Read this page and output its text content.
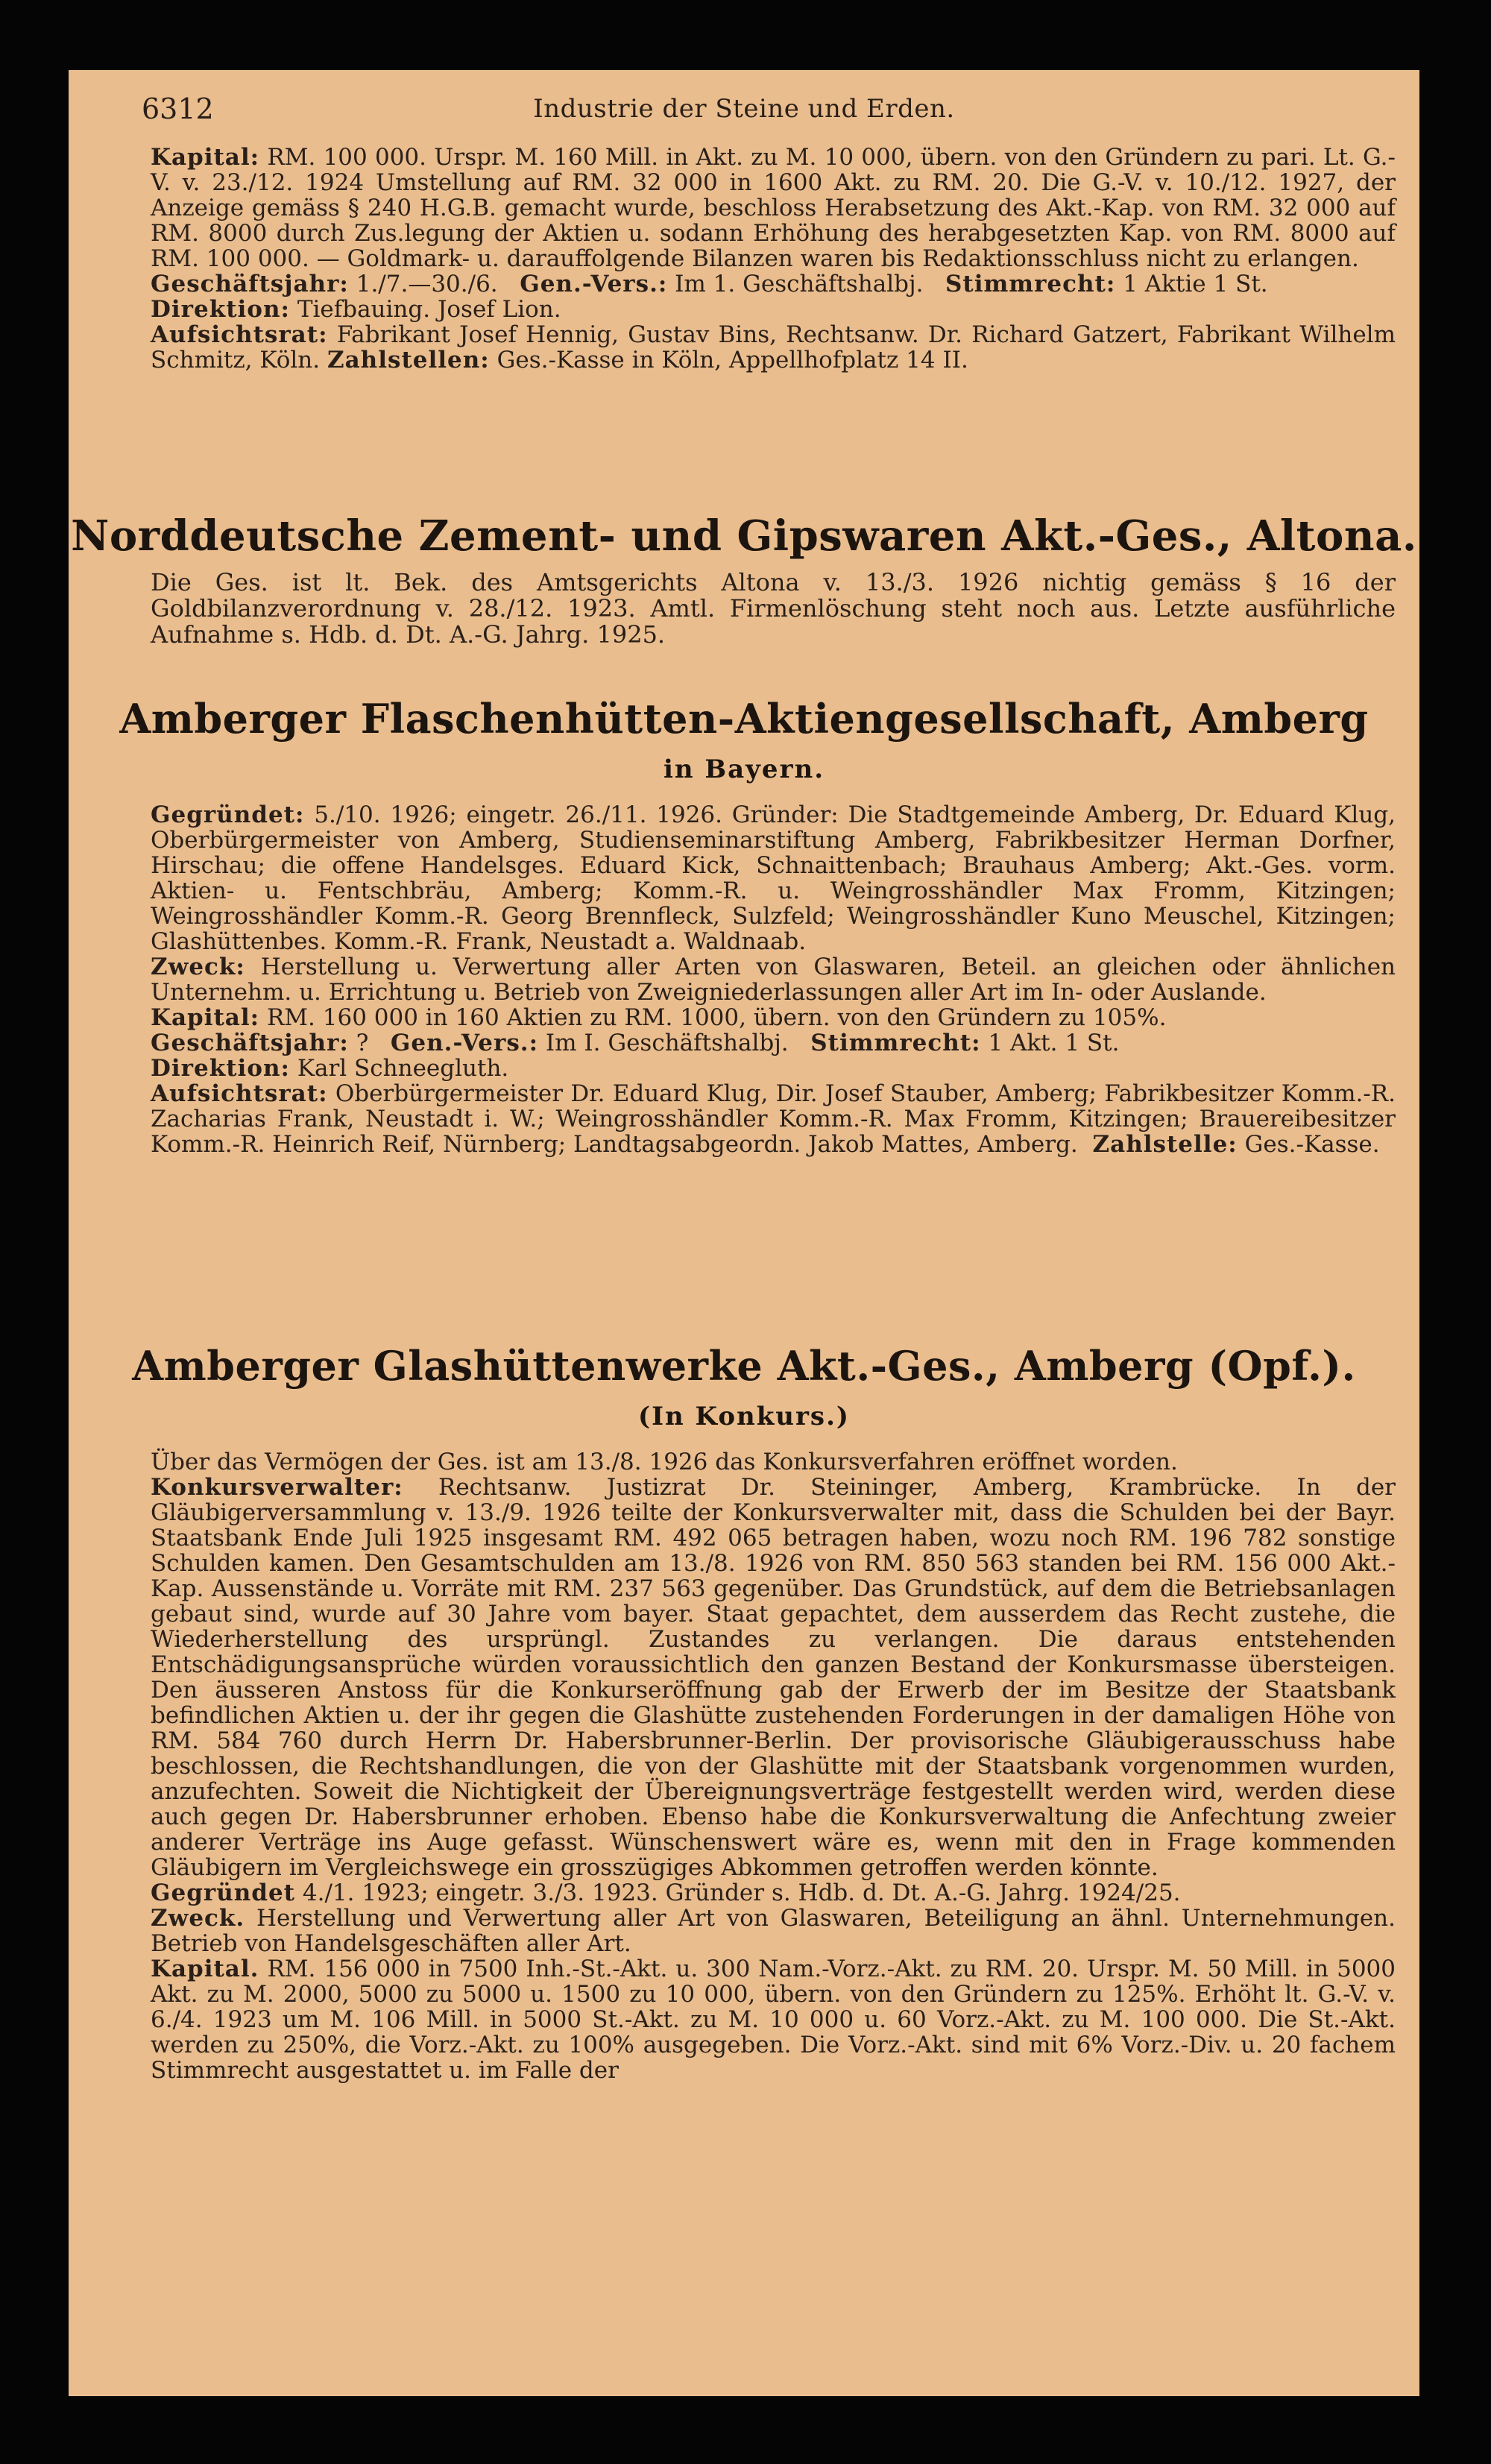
6312	Industrie der Steine und Erden.
Kapital: RM. 100 000. Urspr. M. 160 Mill. in Akt. zu M. 10 000, übern. von den Gründern zu pari. Lt. G.-V. v. 23./12. 1924 Umstellung auf RM. 32 000 in 1600 Akt. zu RM. 20. Die G.-V. v. 10./12. 1927, der Anzeige gemäss § 240 H.G.B. gemacht wurde, beschloss Herabsetzung des Akt.-Kap. von RM. 32 000 auf RM. 8000 durch Zus.legung der Aktien u. sodann Erhöhung des herabgesetzten Kap. von RM. 8000 auf RM. 100 000. — Goldmark- u. darauffolgende Bilanzen waren bis Redaktionsschluss nicht zu erlangen.
Geschäftsjahr: 1./7.—30./6. Gen.-Vers.: Im 1. Geschäftshalbj. Stimmrecht: 1 Aktie 1 St.
Direktion: Tiefbauing. Josef Lion.
Aufsichtsrat: Fabrikant Josef Hennig, Gustav Bins, Rechtsanw. Dr. Richard Gatzert, Fabrikant Wilhelm Schmitz, Köln. Zahlstellen: Ges.-Kasse in Köln, Appellhofplatz 14 II.
Norddeutsche Zement- und Gipswaren Akt.-Ges., Altona.
Die Ges. ist lt. Bek. des Amtsgerichts Altona v. 13./3. 1926 nichtig gemäss § 16 der Goldbilanzverordnung v. 28./12. 1923. Amtl. Firmenlöschung steht noch aus. Letzte ausführliche Aufnahme s. Hdb. d. Dt. A.-G. Jahrg. 1925.
Amberger Flaschenhütten-Aktiengesellschaft, Amberg
in Bayern.
Gegründet: 5./10. 1926; eingetr. 26./11. 1926. Gründer: Die Stadtgemeinde Amberg, Dr. Eduard Klug, Oberbürgermeister von Amberg, Studienseminarstiftung Amberg, Fabrikbesitzer Herman Dorfner, Hirschau; die offene Handelsges. Eduard Kick, Schnaittenbach; Brauhaus Amberg; Akt.-Ges. vorm. Aktien- u. Fentschbräu, Amberg; Komm.-R. u. Weingrosshändler Max Fromm, Kitzingen; Weingrosshändler Komm.-R. Georg Brennfleck, Sulzfeld; Weingrosshändler Kuno Meuschel, Kitzingen; Glashüttenbes. Komm.-R. Frank, Neustadt a. Waldnaab.
Zweck: Herstellung u. Verwertung aller Arten von Glaswaren, Beteil. an gleichen oder ähnlichen Unternehm. u. Errichtung u. Betrieb von Zweigniederlassungen aller Art im In- oder Auslande.
Kapital: RM. 160 000 in 160 Aktien zu RM. 1000, übern. von den Gründern zu 105%.
Geschäftsjahr: ? Gen.-Vers.: Im I. Geschäftshalbj. Stimmrecht: 1 Akt. 1 St.
Direktion: Karl Schneegluth.
Aufsichtsrat: Oberbürgermeister Dr. Eduard Klug, Dir. Josef Stauber, Amberg; Fabrikbesitzer Komm.-R. Zacharias Frank, Neustadt i. W.; Weingrosshändler Komm.-R. Max Fromm, Kitzingen; Brauereibesitzer Komm.-R. Heinrich Reif, Nürnberg; Landtagsabgeordn. Jakob Mattes, Amberg. Zahlstelle: Ges.-Kasse.
Amberger Glashüttenwerke Akt.-Ges., Amberg (Opf.).
(In Konkurs.)
Über das Vermögen der Ges. ist am 13./8. 1926 das Konkursverfahren eröffnet worden.
Konkursverwalter: Rechtsanw. Justizrat Dr. Steininger, Amberg, Krambrücke. In der Gläubigerversammlung v. 13./9. 1926 teilte der Konkursverwalter mit, dass die Schulden bei der Bayr. Staatsbank Ende Juli 1925 insgesamt RM. 492 065 betragen haben, wozu noch RM. 196 782 sonstige Schulden kamen. Den Gesamtschulden am 13./8. 1926 von RM. 850 563 standen bei RM. 156 000 Akt.-Kap. Aussenstände u. Vorräte mit RM. 237 563 gegenüber. Das Grundstück, auf dem die Betriebsanlagen gebaut sind, wurde auf 30 Jahre vom bayer. Staat gepachtet, dem ausserdem das Recht zustehe, die Wiederherstellung des ursprüngl. Zustandes zu verlangen. Die daraus entstehenden Entschädigungsansprüche würden voraussichtlich den ganzen Bestand der Konkursmasse übersteigen. Den äusseren Anstoss für die Konkurseröffnung gab der Erwerb der im Besitze der Staatsbank befindlichen Aktien u. der ihr gegen die Glashütte zustehenden Forderungen in der damaligen Höhe von RM. 584 760 durch Herrn Dr. Habersbrunner-Berlin. Der provisorische Gläubigerausschuss habe beschlossen, die Rechtshandlungen, die von der Glashütte mit der Staatsbank vorgenommen wurden, anzufechten. Soweit die Nichtigkeit der Übereignungsverträge festgestellt werden wird, werden diese auch gegen Dr. Habersbrunner erhoben. Ebenso habe die Konkursverwaltung die Anfechtung zweier anderer Verträge ins Auge gefasst. Wünschenswert wäre es, wenn mit den in Frage kommenden Gläubigern im Vergleichswege ein grosszügiges Abkommen getroffen werden könnte.
Gegründet 4./1. 1923; eingetr. 3./3. 1923. Gründer s. Hdb. d. Dt. A.-G. Jahrg. 1924/25.
Zweck. Herstellung und Verwertung aller Art von Glaswaren, Beteiligung an ähnl. Unternehmungen. Betrieb von Handelsgeschäften aller Art.
Kapital. RM. 156 000 in 7500 Inh.-St.-Akt. u. 300 Nam.-Vorz.-Akt. zu RM. 20. Urspr. M. 50 Mill. in 5000 Akt. zu M. 2000, 5000 zu 5000 u. 1500 zu 10 000, übern. von den Gründern zu 125%. Erhöht lt. G.-V. v. 6./4. 1923 um M. 106 Mill. in 5000 St.-Akt. zu M. 10 000 u. 60 Vorz.-Akt. zu M. 100 000. Die St.-Akt. werden zu 250%, die Vorz.-Akt. zu 100% ausgegeben. Die Vorz.-Akt. sind mit 6% Vorz.-Div. u. 20 fachem Stimmrecht ausgestattet u. im Falle der
